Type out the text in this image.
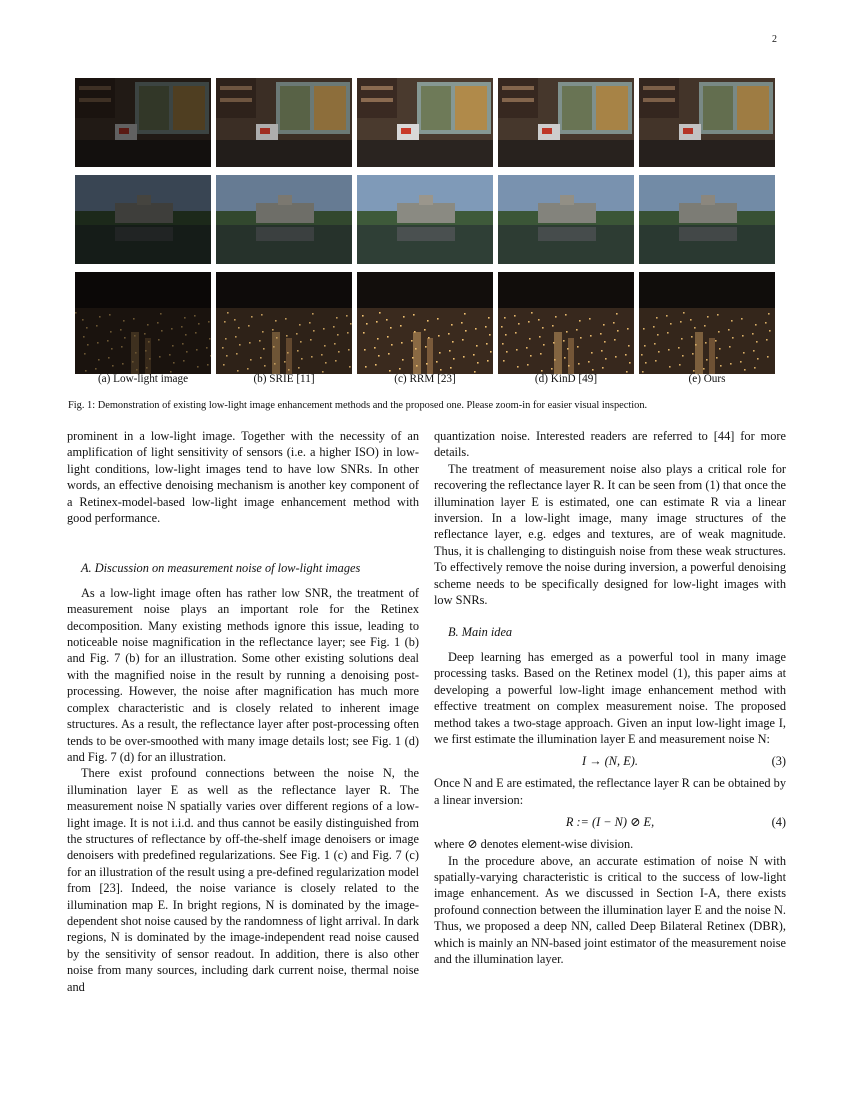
2
(a) Low-light image	(b) SRIE [11]	(c) RRM [23]	(d) KinD [49]	(e) Ours
Fig. 1: Demonstration of existing low-light image enhancement methods and the proposed one. Please zoom-in for easier visual inspection.

prominent in a low-light image. Together with the necessity of an amplification of light sensitivity of sensors (i.e. a higher ISO) in low-light conditions, low-light images tend to have low SNRs. In other words, an effective denoising mechanism is another key component of a Retinex-model-based low-light image enhancement method with good performance.

A. Discussion on measurement noise of low-light images

As a low-light image often has rather low SNR, the treatment of measurement noise plays an important role for the Retinex decomposition. Many existing methods ignore this issue, leading to noticeable noise magnification in the reflectance layer; see Fig. 1 (b) and Fig. 7 (b) for an illustration. Some other existing solutions deal with the magnified noise in the result by running a denoising post-processing. However, the noise after magnification has much more complex characteristic and is closely related to inherent image structures. As a result, the reflectance layer after post-processing often tends to be over-smoothed with many image details lost; see Fig. 1 (d) and Fig. 7 (d) for an illustration.

There exist profound connections between the noise N, the illumination layer E as well as the reflectance layer R. The measurement noise N spatially varies over different regions of a low-light image. It is not i.i.d. and thus cannot be easily distinguished from the structures of reflectance by off-the-shelf image denoisers or image denoisers with predefined regularizations. See Fig. 1 (c) and Fig. 7 (c) for an illustration of the result using a pre-defined regularization model from [23]. Indeed, the noise variance is closely related to the illumination map E. In bright regions, N is dominated by the image-dependent shot noise caused by the randomness of light arrival. In dark regions, N is dominated by the image-independent read noise caused by the sensitivity of sensor readout. In addition, there is also other noise from many sources, including dark current noise, thermal noise and

quantization noise. Interested readers are referred to [44] for more details.

The treatment of measurement noise also plays a critical role for recovering the reflectance layer R. It can be seen from (1) that once the illumination layer E is estimated, one can estimate R via a linear inversion. In a low-light image, many image structures of the reflectance layer, e.g. edges and textures, are of weak magnitude. Thus, it is challenging to distinguish noise from these weak structures. To effectively remove the noise during inversion, a powerful denoising scheme needs to be specifically designed for low-light images with low SNRs.

B. Main idea

Deep learning has emerged as a powerful tool in many image processing tasks. Based on the Retinex model (1), this paper aims at developing a powerful low-light image enhancement method with effective treatment on complex measurement noise. The proposed method takes a two-stage approach. Given an input low-light image I, we first estimate the illumination layer E and measurement noise N:

I → (N, E).	(3)

Once N and E are estimated, the reflectance layer R can be obtained by a linear inversion:

R := (I − N) ⊘ E,	(4)

where ⊘ denotes element-wise division.

In the procedure above, an accurate estimation of noise N with spatially-varying characteristic is critical to the success of low-light image enhancement. As we discussed in Section I-A, there exists profound connection between the illumination layer E and the noise N. Thus, we proposed a deep NN, called Deep Bilateral Retinex (DBR), which is mainly an NN-based joint estimator of the measurement noise and the illumination layer.
